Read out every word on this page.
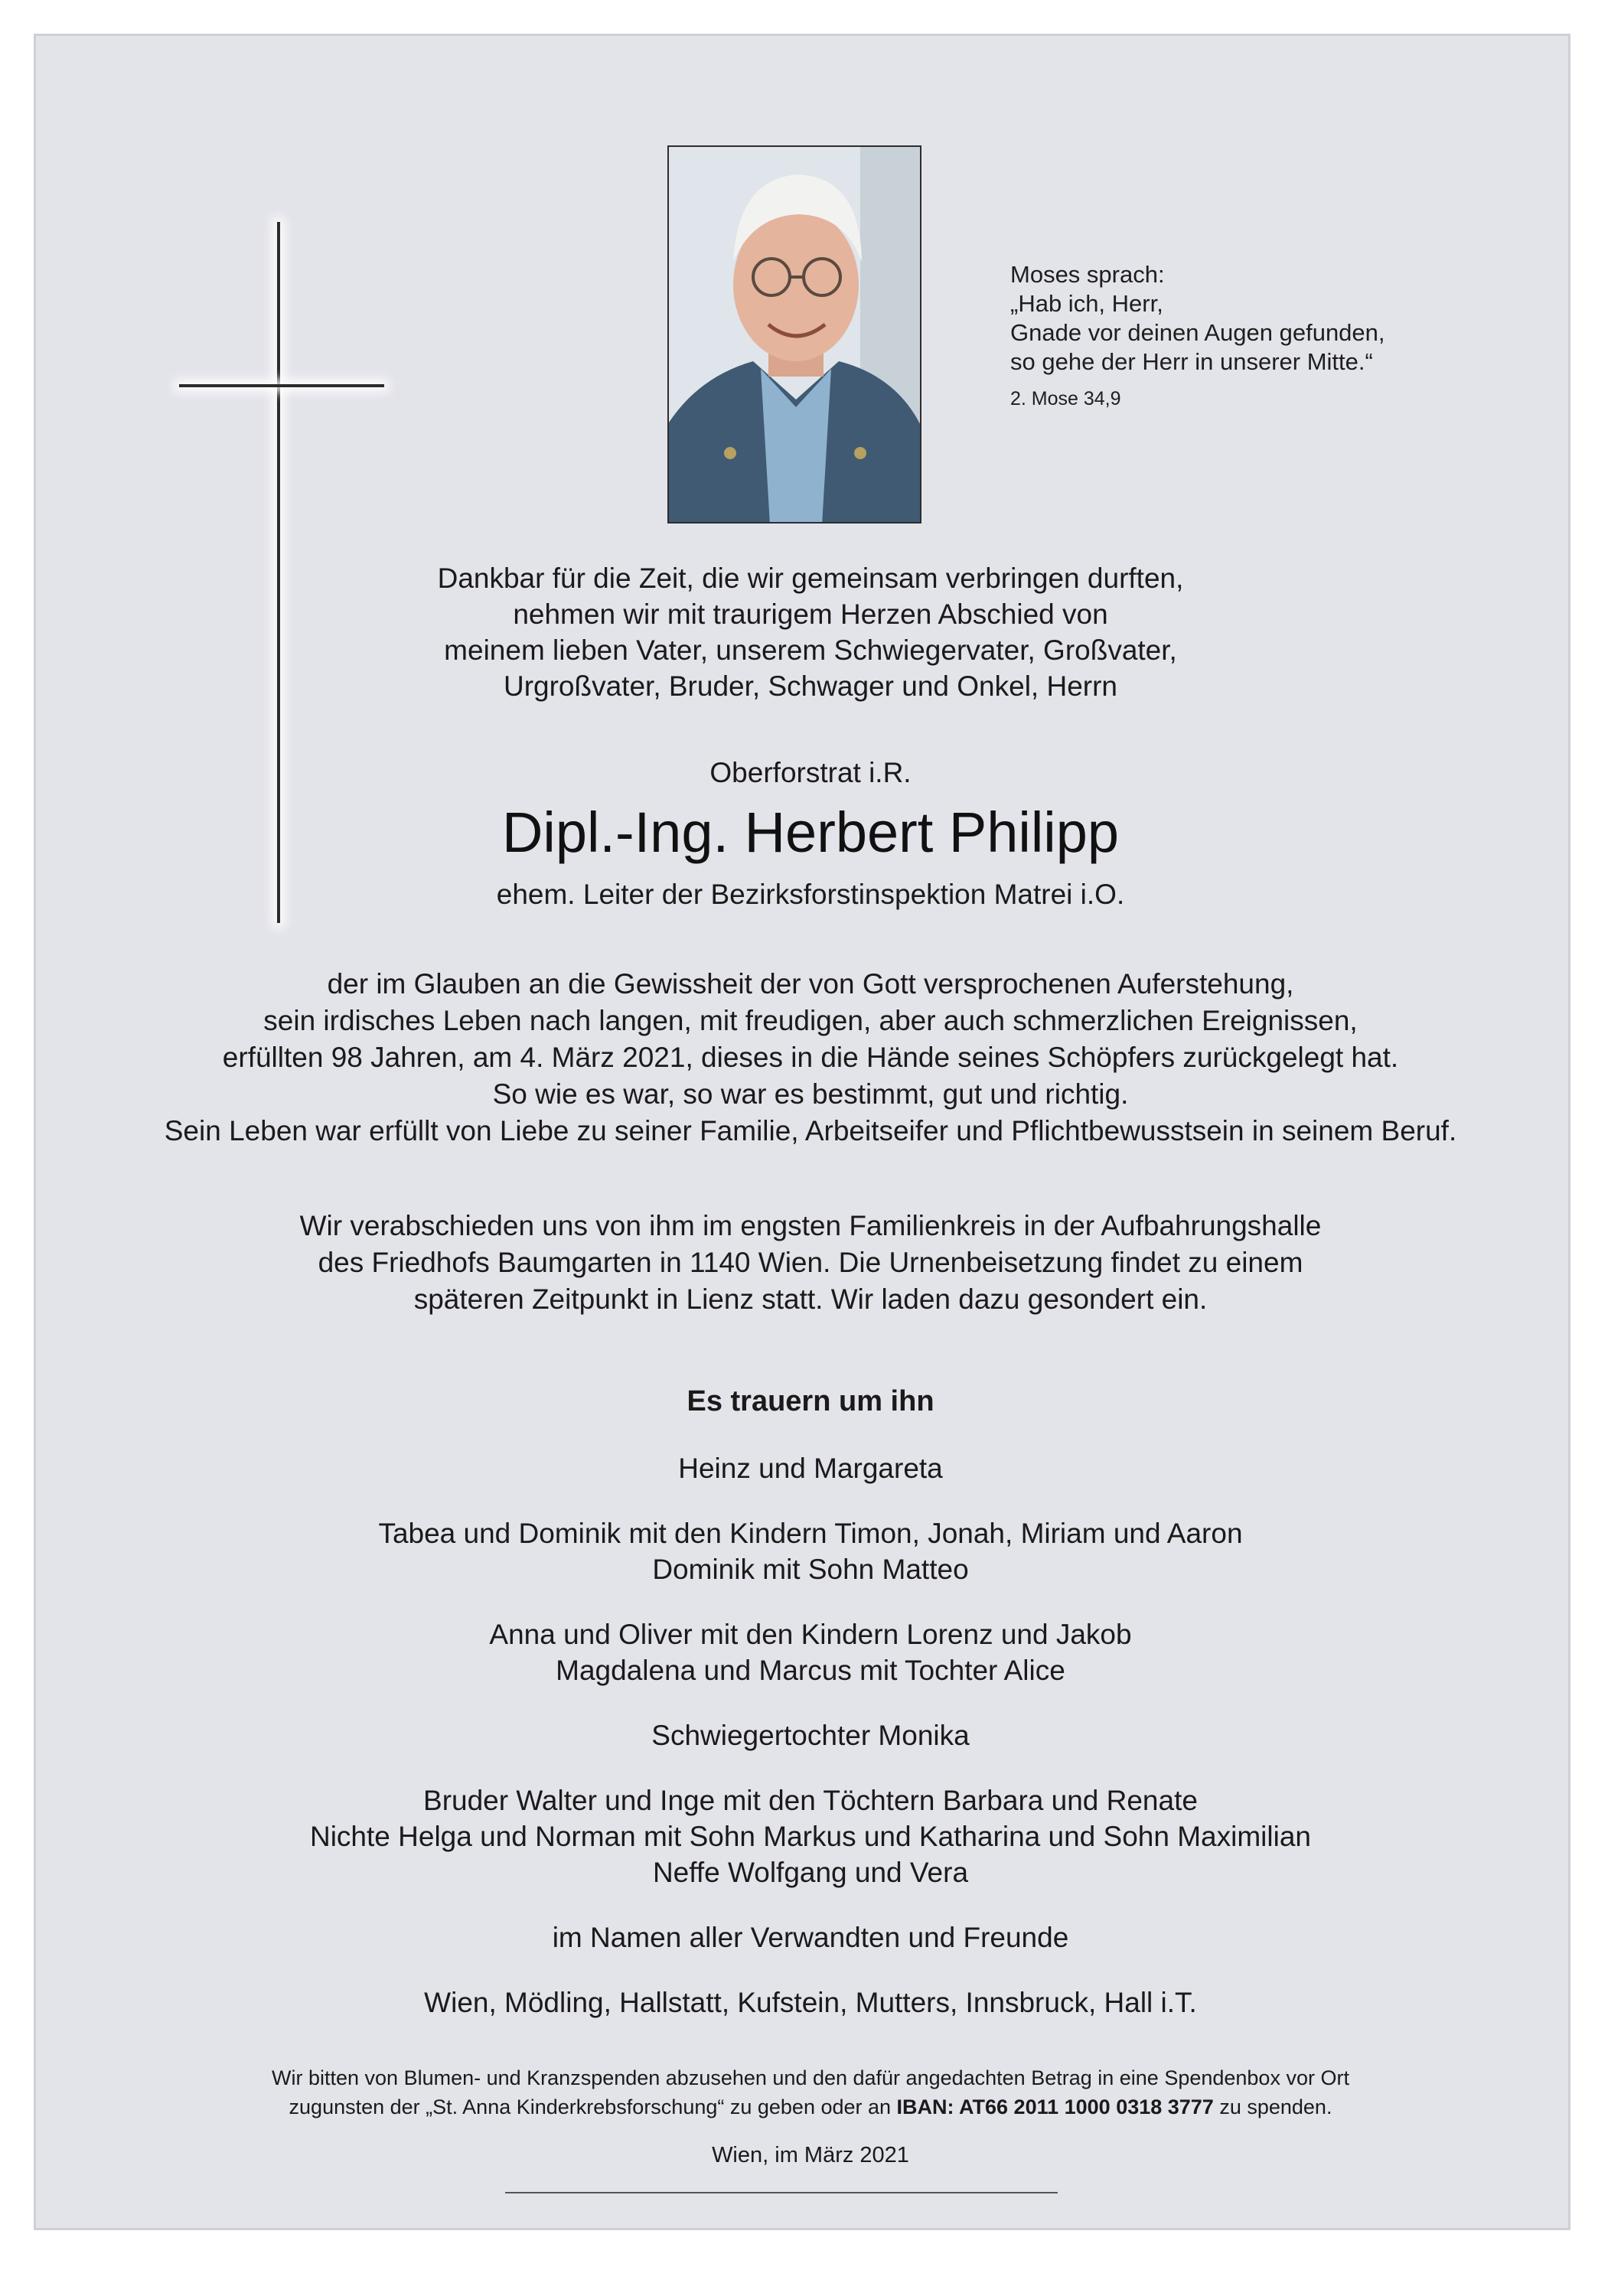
Moses sprach:
„Hab ich, Herr,
Gnade vor deinen Augen gefunden,
so gehe der Herr in unserer Mitte.“
2. Mose 34,9
Dankbar für die Zeit, die wir gemeinsam verbringen durften,
nehmen wir mit traurigem Herzen Abschied von
meinem lieben Vater, unserem Schwiegervater, Großvater,
Urgroßvater, Bruder, Schwager und Onkel, Herrn
Oberforstrat i.R.
Dipl.-Ing. Herbert Philipp
ehem. Leiter der Bezirksforstinspektion Matrei i.O.
der im Glauben an die Gewissheit der von Gott versprochenen Auferstehung,
sein irdisches Leben nach langen, mit freudigen, aber auch schmerzlichen Ereignissen,
erfüllten 98 Jahren, am 4. März 2021, dieses in die Hände seines Schöpfers zurückgelegt hat.
So wie es war, so war es bestimmt, gut und richtig.
Sein Leben war erfüllt von Liebe zu seiner Familie, Arbeitseifer und Pflichtbewusstsein in seinem Beruf.
Wir verabschieden uns von ihm im engsten Familienkreis in der Aufbahrungshalle
des Friedhofs Baumgarten in 1140 Wien. Die Urnenbeisetzung findet zu einem
späteren Zeitpunkt in Lienz statt. Wir laden dazu gesondert ein.
Es trauern um ihn
Heinz und Margareta
Tabea und Dominik mit den Kindern Timon, Jonah, Miriam und Aaron
Dominik mit Sohn Matteo
Anna und Oliver mit den Kindern Lorenz und Jakob
Magdalena und Marcus mit Tochter Alice
Schwiegertochter Monika
Bruder Walter und Inge mit den Töchtern Barbara und Renate
Nichte Helga und Norman mit Sohn Markus und Katharina und Sohn Maximilian
Neffe Wolfgang und Vera
im Namen aller Verwandten und Freunde
Wien, Mödling, Hallstatt, Kufstein, Mutters, Innsbruck, Hall i.T.
Wir bitten von Blumen- und Kranzspenden abzusehen und den dafür angedachten Betrag in eine Spendenbox vor Ort
zugunsten der „St. Anna Kinderkrebsforschung“ zu geben oder an IBAN: AT66 2011 1000 0318 3777 zu spenden.
Wien, im März 2021
